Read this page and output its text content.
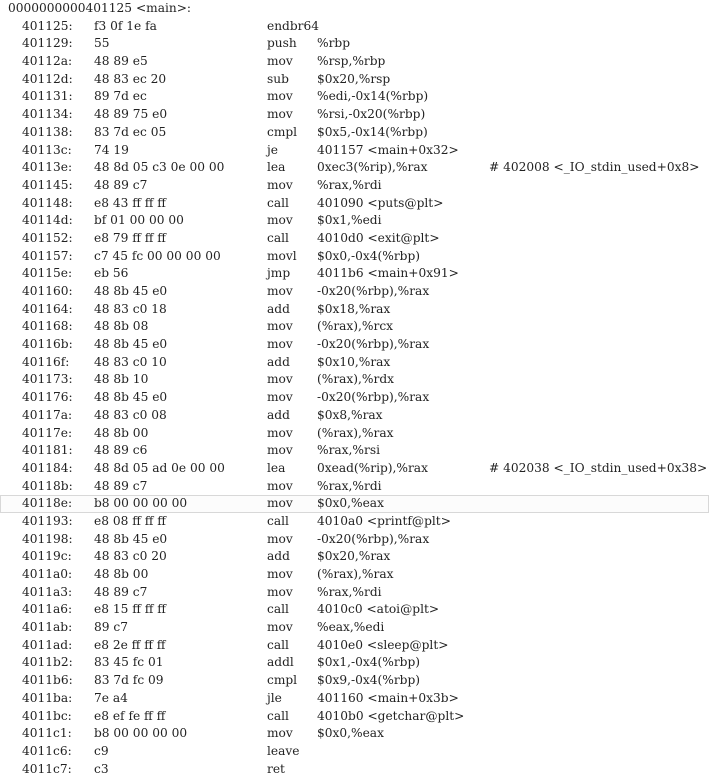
0000000000401125 <main>:
401125: f3 0f 1e fa	endbr64
401129: 55	push %rbp
40112a: 48 89 e5	mov %rsp,%rbp
40112d: 48 83 ec 20	sub $0x20,%rsp
401131: 89 7d ec	mov %edi,-0x14(%rbp)
401134: 48 89 75 e0	mov %rsi,-0x20(%rbp)
401138: 83 7d ec 05	cmpl $0x5,-0x14(%rbp)
40113c: 74 19	je	401157 <main+0x32>
40113e: 48 8d 05 c3 0e 00 00	lea	0xec3(%rip),%rax	# 402008 <_IO_stdin_used+0x8>
401145: 48 89 c7	mov %rax,%rdi
401148: e8 43 ff ff ff	call 401090 <puts@plt>
40114d: bf 01 00 00 00	mov $0x1,%edi
401152: e8 79 ff ff ff	call 4010d0 <exit@plt>
401157: c7 45 fc 00 00 00 00	movl $0x0,-0x4(%rbp)
40115e: eb 56	jmp 4011b6 <main+0x91>
401160: 48 8b 45 e0	mov -0x20(%rbp),%rax
401164: 48 83 c0 18	add $0x18,%rax
401168: 48 8b 08	mov (%rax),%rcx
40116b: 48 8b 45 e0	mov -0x20(%rbp),%rax
40116f: 48 83 c0 10	add $0x10,%rax
401173: 48 8b 10	mov (%rax),%rdx
401176: 48 8b 45 e0	mov -0x20(%rbp),%rax
40117a: 48 83 c0 08	add $0x8,%rax
40117e: 48 8b 00	mov (%rax),%rax
401181: 48 89 c6	mov %rax,%rsi
401184: 48 8d 05 ad 0e 00 00	lea	0xead(%rip),%rax	# 402038 <_IO_stdin_used+0x38>
40118b: 48 89 c7	mov %rax,%rdi
40118e: b8 00 00 00 00	mov $0x0,%eax
401193: e8 08 ff ff ff	call 4010a0 <printf@plt>
401198: 48 8b 45 e0	mov -0x20(%rbp),%rax
40119c: 48 83 c0 20	add $0x20,%rax
4011a0: 48 8b 00	mov (%rax),%rax
4011a3: 48 89 c7	mov %rax,%rdi
4011a6: e8 15 ff ff ff	call 4010c0 <atoi@plt>
4011ab: 89 c7	mov %eax,%edi
4011ad: e8 2e ff ff ff	call 4010e0 <sleep@plt>
4011b2: 83 45 fc 01	addl $0x1,-0x4(%rbp)
4011b6: 83 7d fc 09	cmpl $0x9,-0x4(%rbp)
4011ba: 7e a4	jle	401160 <main+0x3b>
4011bc: e8 ef fe ff ff	call 4010b0 <getchar@plt>
4011c1: b8 00 00 00 00	mov $0x0,%eax
4011c6: c9	leave
4011c7: c3	ret
